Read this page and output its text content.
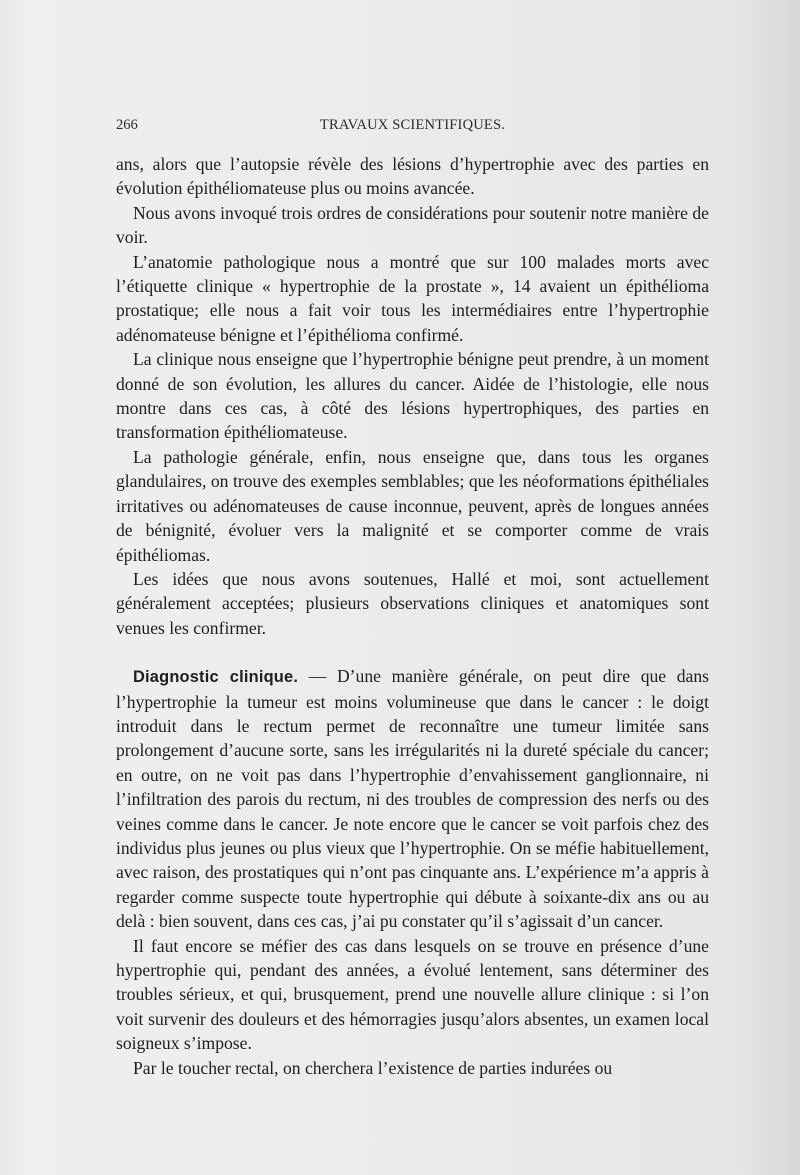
266	TRAVAUX SCIENTIFIQUES.

ans, alors que l’autopsie révèle des lésions d’hypertrophie avec des parties en évolution épithéliomateuse plus ou moins avancée.

Nous avons invoqué trois ordres de considérations pour soutenir notre manière de voir.

L’anatomie pathologique nous a montré que sur 100 malades morts avec l’étiquette clinique « hypertrophie de la prostate », 14 avaient un épithélioma prostatique; elle nous a fait voir tous les intermédiaires entre l’hypertrophie adénomateuse bénigne et l’épithélioma confirmé.

La clinique nous enseigne que l’hypertrophie bénigne peut prendre, à un moment donné de son évolution, les allures du cancer. Aidée de l’histologie, elle nous montre dans ces cas, à côté des lésions hypertrophiques, des parties en transformation épithéliomateuse.

La pathologie générale, enfin, nous enseigne que, dans tous les organes glandulaires, on trouve des exemples semblables; que les néoformations épithéliales irritatives ou adénomateuses de cause inconnue, peuvent, après de longues années de bénignité, évoluer vers la malignité et se comporter comme de vrais épithéliomas.

Les idées que nous avons soutenues, Hallé et moi, sont actuellement généralement acceptées; plusieurs observations cliniques et anatomiques sont venues les confirmer.

Diagnostic clinique. — D’une manière générale, on peut dire que dans l’hypertrophie la tumeur est moins volumineuse que dans le cancer : le doigt introduit dans le rectum permet de reconnaître une tumeur limitée sans prolongement d’aucune sorte, sans les irrégularités ni la dureté spéciale du cancer; en outre, on ne voit pas dans l’hypertrophie d’envahissement ganglionnaire, ni l’infiltration des parois du rectum, ni des troubles de compression des nerfs ou des veines comme dans le cancer. Je note encore que le cancer se voit parfois chez des individus plus jeunes ou plus vieux que l’hypertrophie. On se méfie habituellement, avec raison, des prostatiques qui n’ont pas cinquante ans. L’expérience m’a appris à regarder comme suspecte toute hypertrophie qui débute à soixante-dix ans ou au delà : bien souvent, dans ces cas, j’ai pu constater qu’il s’agissait d’un cancer.

Il faut encore se méfier des cas dans lesquels on se trouve en présence d’une hypertrophie qui, pendant des années, a évolué lentement, sans déterminer des troubles sérieux, et qui, brusquement, prend une nouvelle allure clinique : si l’on voit survenir des douleurs et des hémorragies jusqu’alors absentes, un examen local soigneux s’impose.

Par le toucher rectal, on cherchera l’existence de parties indurées ou
